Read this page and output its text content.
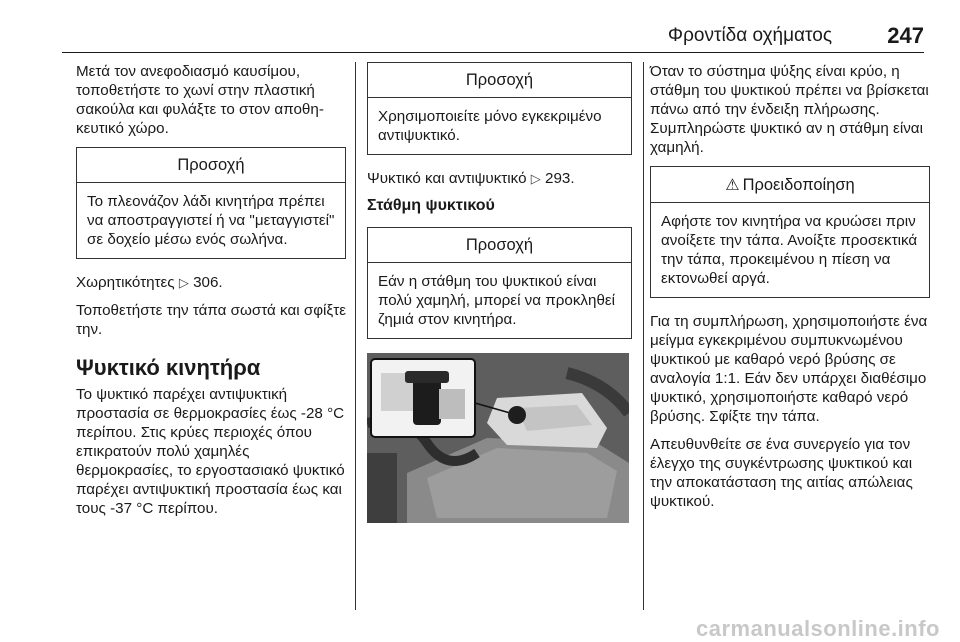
Φροντίδα οχήματος	247

Μετά τον ανεφοδιασμό καυσίμου, τοποθετήστε το χωνί στην πλαστική σακούλα και φυλάξτε το στον αποθηκευτικό χώρο.

Προσοχή
Το πλεονάζον λάδι κινητήρα πρέπει να αποστραγγιστεί ή να "μεταγγιστεί" σε δοχείο μέσω ενός σωλήνα.

Χωρητικότητες ▷ 306.

Τοποθετήστε την τάπα σωστά και σφίξτε την.

Ψυκτικό κινητήρα

Το ψυκτικό παρέχει αντιψυκτική προστασία σε θερμοκρασίες έως -28 °C περίπου. Στις κρύες περιοχές όπου επικρατούν πολύ χαμηλές θερμοκρασίες, το εργοστασιακό ψυκτικό παρέχει αντιψυκτική προστασία έως και τους -37 °C περίπου.

Προσοχή
Χρησιμοποιείτε μόνο εγκεκριμένο αντιψυκτικό.

Ψυκτικό και αντιψυκτικό ▷ 293.

Στάθμη ψυκτικού
Προσοχή
Εάν η στάθμη του ψυκτικού είναι πολύ χαμηλή, μπορεί να προκληθεί ζημιά στον κινητήρα.

Όταν το σύστημα ψύξης είναι κρύο, η στάθμη του ψυκτικού πρέπει να βρίσκεται πάνω από την ένδειξη πλήρωσης. Συμπληρώστε ψυκτικό αν η στάθμη είναι χαμηλή.

⚠ Προειδοποίηση
Αφήστε τον κινητήρα να κρυώσει πριν ανοίξετε την τάπα. Ανοίξτε προσεκτικά την τάπα, προκειμένου η πίεση να εκτονωθεί αργά.

Για τη συμπλήρωση, χρησιμοποιήστε ένα μείγμα εγκεκριμένου συμπυκνωμένου ψυκτικού με καθαρό νερό βρύσης σε αναλογία 1:1. Εάν δεν υπάρχει διαθέσιμο ψυκτικό, χρησιμοποιήστε καθαρό νερό βρύσης. Σφίξτε την τάπα.

Απευθυνθείτε σε ένα συνεργείο για τον έλεγχο της συγκέντρωσης ψυκτικού και την αποκατάσταση της αιτίας απώλειας ψυκτικού.

carmanualsonline.info
